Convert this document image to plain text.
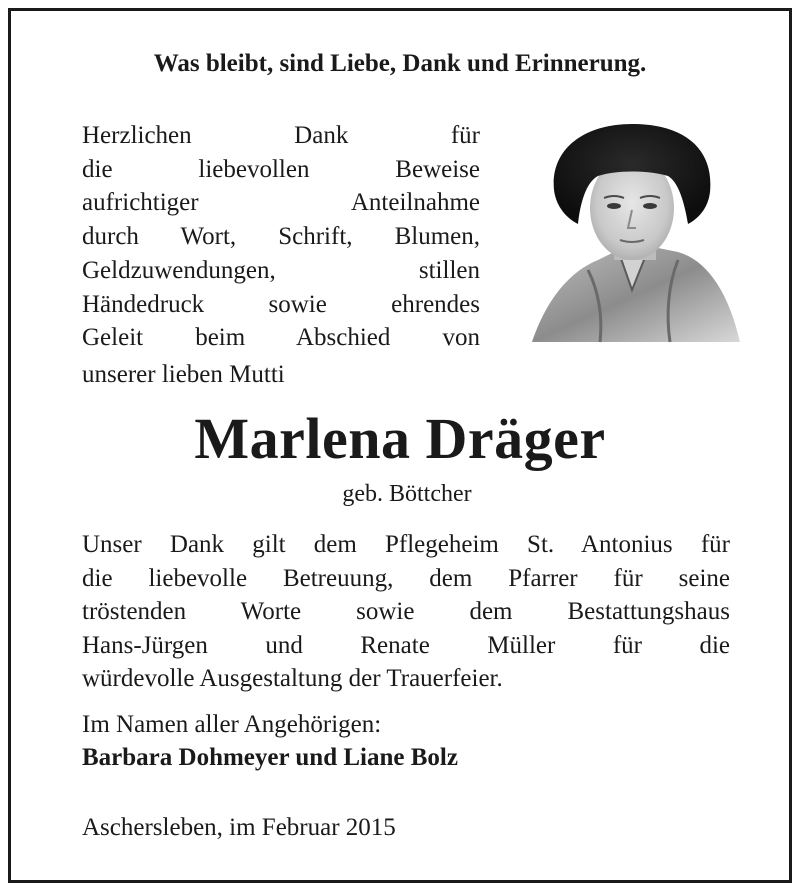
Was bleibt, sind Liebe, Dank und Erinnerung.
Herzlichen Dank für
die liebevollen Beweise
aufrichtiger Anteilnahme
durch Wort, Schrift, Blumen,
Geldzuwendungen, stillen
Händedruck sowie ehrendes
Geleit beim Abschied von
unserer lieben Mutti
Marlena Dräger
geb. Böttcher
Unser Dank gilt dem Pflegeheim St. Antonius für
die liebevolle Betreuung, dem Pfarrer für seine
tröstenden Worte sowie dem Bestattungshaus
Hans-Jürgen und Renate Müller für die
würdevolle Ausgestaltung der Trauerfeier.
Im Namen aller Angehörigen:
Barbara Dohmeyer und Liane Bolz
Aschersleben, im Februar 2015
